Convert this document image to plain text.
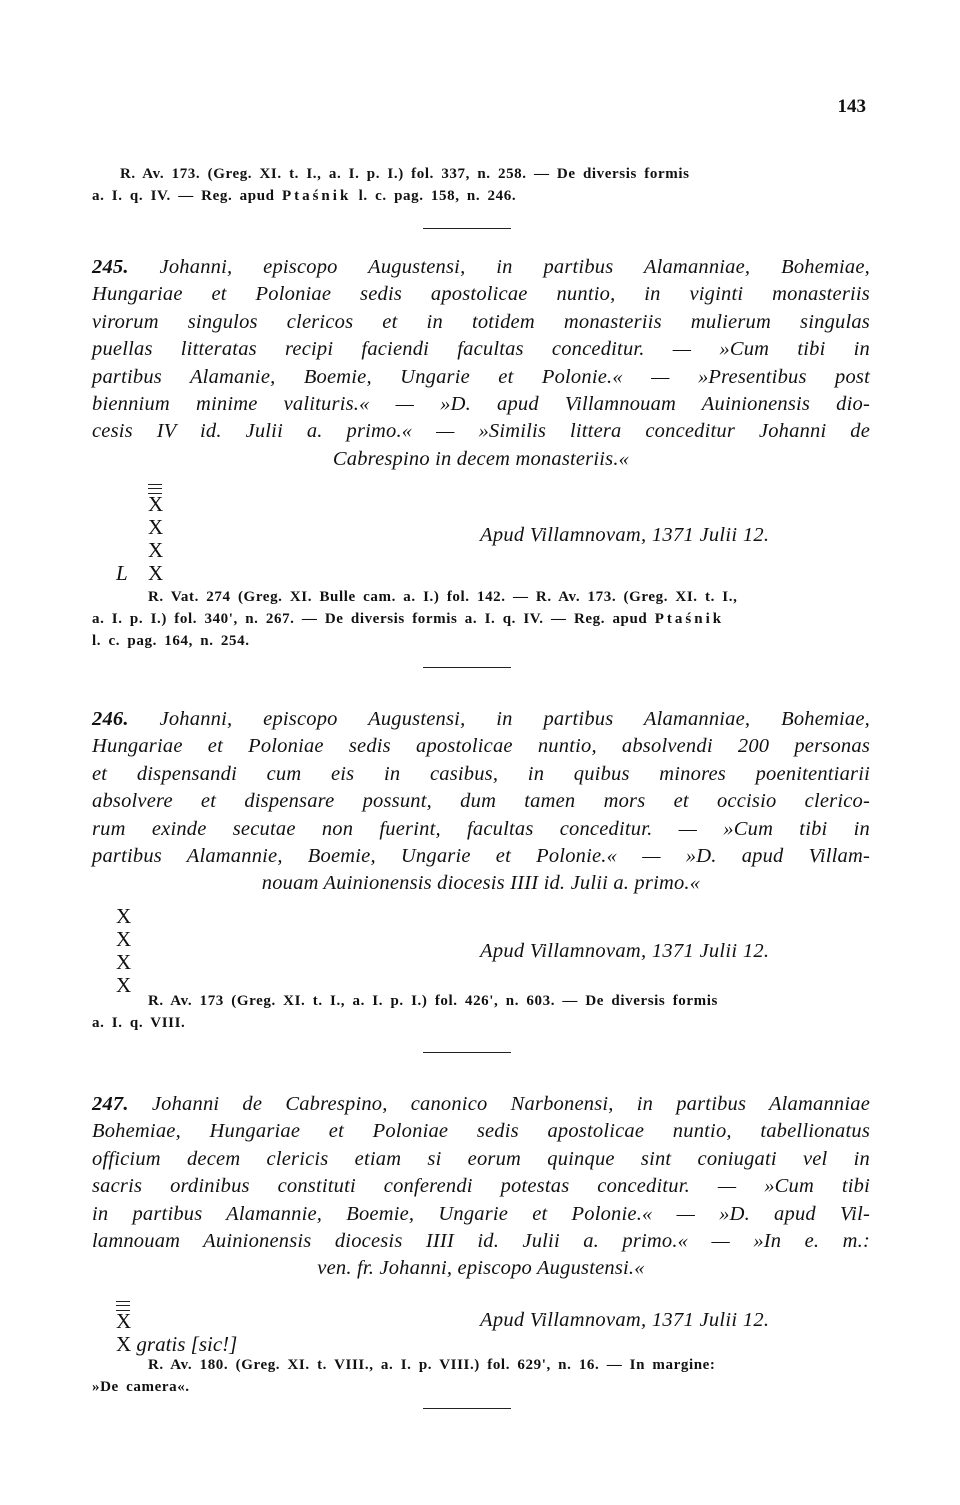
143

R. Av. 173. (Greg. XI. t. I., a. I. p. I.) fol. 337, n. 258. — De diversis formis

a. I. q. IV. — Reg. apud Ptaśnik l. c. pag. 158, n. 246.

245. Johanni, episcopo Augustensi, in partibus Alamanniae, Bohemiae,

Hungariae et Poloniae sedis apostolicae nuntio, in viginti monasteriis

virorum singulos clericos et in totidem monasteriis mulierum singulas

puellas litteratas recipi faciendi facultas conceditur. — »Cum tibi in

partibus Alamanie, Boemie, Ungarie et Polonie.« — »Presentibus post

biennium minime valituris.« — »D. apud Villamnouam Auinionensis dio-

cesis IV id. Julii a. primo.« — »Similis littera conceditur Johanni de

Cabrespino in decem monasteriis.«

X

X

X

L X

Apud Villamnovam, 1371 Julii 12.

R. Vat. 274 (Greg. XI. Bulle cam. a. I.) fol. 142. — R. Av. 173. (Greg. XI. t. I.,

a. I. p. I.) fol. 340', n. 267. — De diversis formis a. I. q. IV. — Reg. apud Ptaśnik

l. c. pag. 164, n. 254.

246. Johanni, episcopo Augustensi, in partibus Alamanniae, Bohemiae,

Hungariae et Poloniae sedis apostolicae nuntio, absolvendi 200 personas

et dispensandi cum eis in casibus, in quibus minores poenitentiarii

absolvere et dispensare possunt, dum tamen mors et occisio clerico-

rum exinde secutae non fuerint, facultas conceditur. — »Cum tibi in

partibus Alamannie, Boemie, Ungarie et Polonie.« — »D. apud Villam-

nouam Auinionensis diocesis IIII id. Julii a. primo.«

X

X

X

X

Apud Villamnovam, 1371 Julii 12.

R. Av. 173 (Greg. XI. t. I., a. I. p. I.) fol. 426', n. 603. — De diversis formis

a. I. q. VIII.

247. Johanni de Cabrespino, canonico Narbonensi, in partibus Alamanniae

Bohemiae, Hungariae et Poloniae sedis apostolicae nuntio, tabellionatus

officium decem clericis etiam si eorum quinque sint coniugati vel in

sacris ordinibus constituti conferendi potestas conceditur. — »Cum tibi

in partibus Alamannie, Boemie, Ungarie et Polonie.« — »D. apud Vil-

lamnouam Auinionensis diocesis IIII id. Julii a. primo.« — »In e. m.:

ven. fr. Johanni, episcopo Augustensi.«

X

X gratis [sic!]

Apud Villamnovam, 1371 Julii 12.

R. Av. 180. (Greg. XI. t. VIII., a. I. p. VIII.) fol. 629', n. 16. — In margine:

»De camera«.
